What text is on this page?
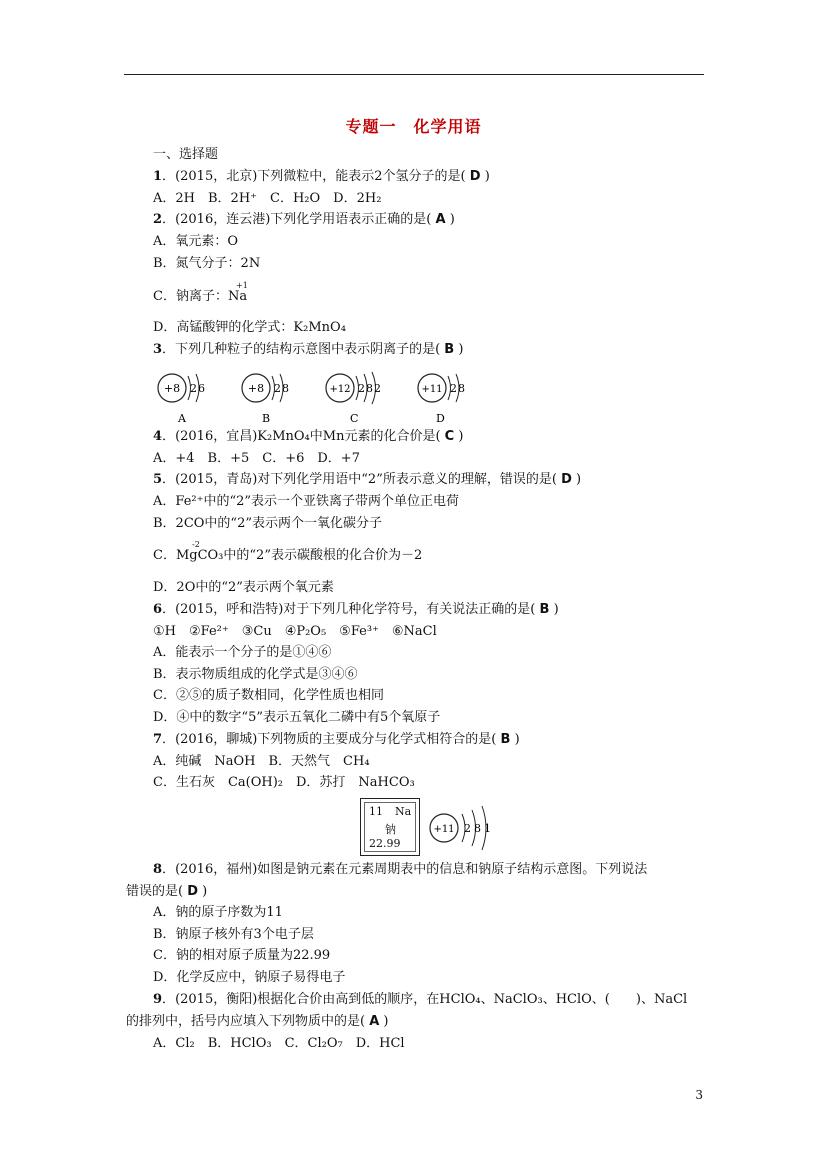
专题一　化学用语
一、选择题
1．(2015，北京)下列微粒中，能表示2个氢分子的是( D )
A．2H　B．2H⁺　C．H₂O　D．2H₂
2．(2016，连云港)下列化学用语表示正确的是( A )
A．氧元素：O
B．氮气分子：2N
+1
C．钠离子：Na
D．高锰酸钾的化学式：K₂MnO₄
3．下列几种粒子的结构示意图中表示阴离子的是( B )
+8 2 6
A
+8 2 8
B
+12 2 8 2
C
+11 2 8
D
4．(2016，宜昌)K₂MnO₄中Mn元素的化合价是( C )
A．+4　B．+5　C．+6　D．+7
5．(2015，青岛)对下列化学用语中“2”所表示意义的理解，错误的是( D )
A．Fe²⁺中的“2”表示一个亚铁离子带两个单位正电荷
B．2CO中的“2”表示两个一氧化碳分子
-2
C．MgCO₃中的“2”表示碳酸根的化合价为－2
D．2O中的“2”表示两个氧元素
6．(2015，呼和浩特)对于下列几种化学符号，有关说法正确的是( B )
①H　②Fe²⁺　③Cu　④P₂O₅　⑤Fe³⁺　⑥NaCl
A．能表示一个分子的是①④⑥
B．表示物质组成的化学式是③④⑥
C．②⑤的质子数相同，化学性质也相同
D．④中的数字“5”表示五氧化二磷中有5个氧原子
7．(2016，聊城)下列物质的主要成分与化学式相符合的是( B )
A．纯碱　NaOH　B．天然气　CH₄
C．生石灰　Ca(OH)₂　D．苏打　NaHCO₃
11 Na
钠
22.99
+11 2 8 1
8．(2016，福州)如图是钠元素在元素周期表中的信息和钠原子结构示意图。下列说法
错误的是( D )
A．钠的原子序数为11
B．钠原子核外有3个电子层
C．钠的相对原子质量为22.99
D．化学反应中，钠原子易得电子
9．(2015，衡阳)根据化合价由高到低的顺序，在HClO₄、NaClO₃、HClO、(　　)、NaCl
的排列中，括号内应填入下列物质中的是( A )
A．Cl₂　B．HClO₃　C．Cl₂O₇　D．HCl
3
